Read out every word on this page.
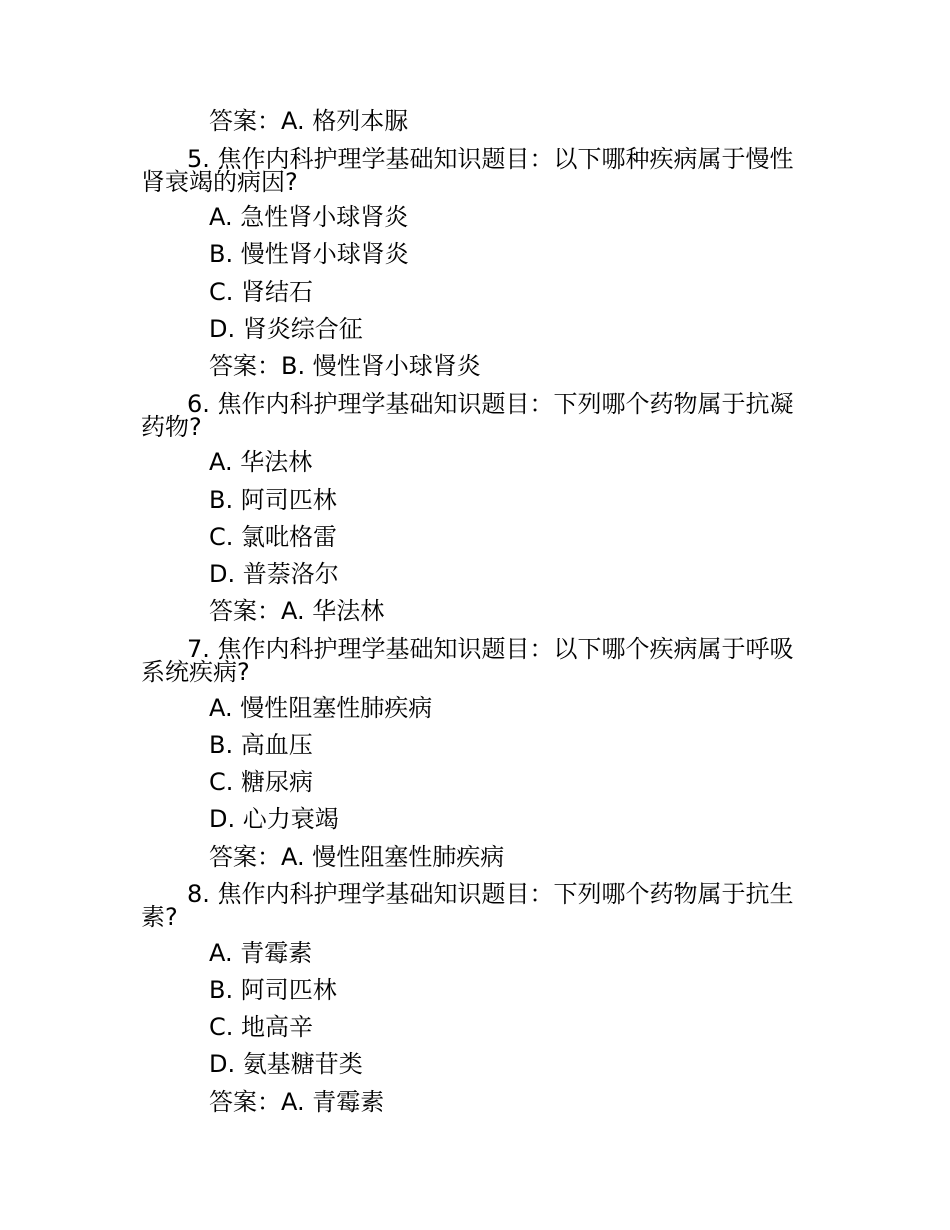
答案：A. 格列本脲
5. 焦作内科护理学基础知识题目：以下哪种疾病属于慢性
肾衰竭的病因?
A. 急性肾小球肾炎
B. 慢性肾小球肾炎
C. 肾结石
D. 肾炎综合征
答案：B. 慢性肾小球肾炎
6. 焦作内科护理学基础知识题目：下列哪个药物属于抗凝
药物?
A. 华法林
B. 阿司匹林
C. 氯吡格雷
D. 普萘洛尔
答案：A. 华法林
7. 焦作内科护理学基础知识题目：以下哪个疾病属于呼吸
系统疾病?
A. 慢性阻塞性肺疾病
B. 高血压
C. 糖尿病
D. 心力衰竭
答案：A. 慢性阻塞性肺疾病
8. 焦作内科护理学基础知识题目：下列哪个药物属于抗生
素?
A. 青霉素
B. 阿司匹林
C. 地高辛
D. 氨基糖苷类
答案：A. 青霉素
